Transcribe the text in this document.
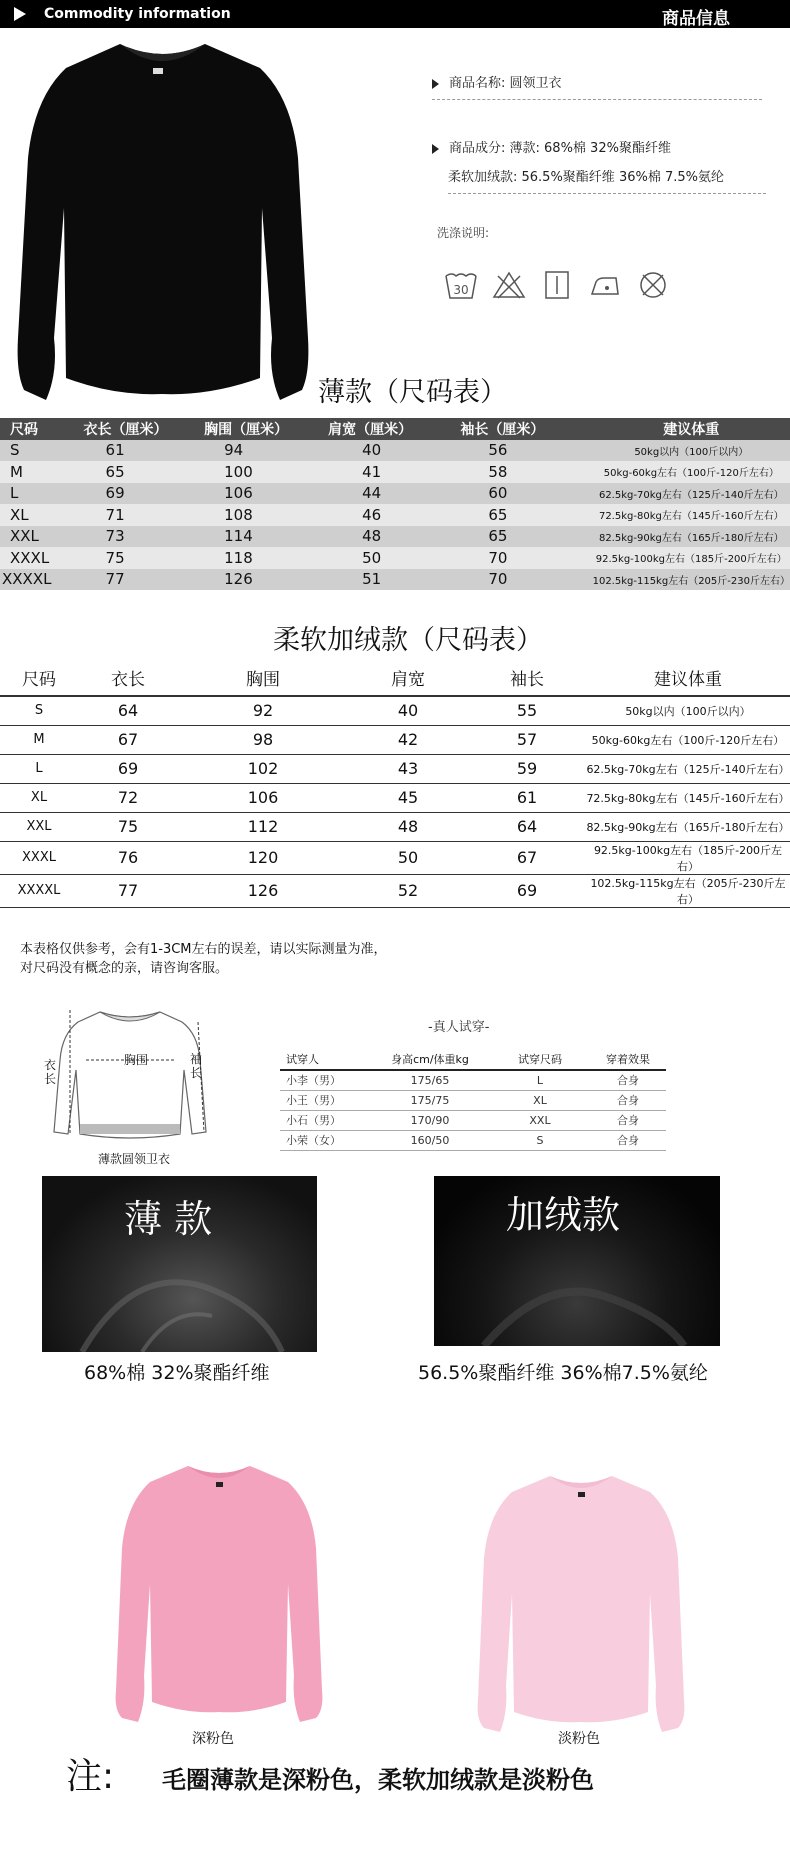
Commodity information	商品信息
商品名称: 圆领卫衣
商品成分: 薄款: 68%棉 32%聚酯纤维
柔软加绒款: 56.5%聚酯纤维 36%棉 7.5%氨纶
洗涤说明:
30
薄款（尺码表）
尺码	衣长（厘米）	胸围（厘米）	肩宽（厘米）	袖长（厘米）	建议体重
S	61	94	40	56	50kg以内（100斤以内）
M	65	100	41	58	50kg-60kg左右（100斤-120斤左右）
L	69	106	44	60	62.5kg-70kg左右（125斤-140斤左右）
XL	71	108	46	65	72.5kg-80kg左右（145斤-160斤左右）
XXL	73	114	48	65	82.5kg-90kg左右（165斤-180斤左右）
XXXL	75	118	50	70	92.5kg-100kg左右（185斤-200斤左右）
XXXXL	77	126	51	70	102.5kg-115kg左右（205斤-230斤左右）
柔软加绒款（尺码表）
尺码	衣长	胸围	肩宽	袖长	建议体重
S	64	92	40	55	50kg以内（100斤以内）
M	67	98	42	57	50kg-60kg左右（100斤-120斤左右）
L	69	102	43	59	62.5kg-70kg左右（125斤-140斤左右）
XL	72	106	45	61	72.5kg-80kg左右（145斤-160斤左右）
XXL	75	112	48	64	82.5kg-90kg左右（165斤-180斤左右）
XXXL	76	120	50	67	92.5kg-100kg左右（185斤-200斤左右）
XXXXL	77	126	52	69	102.5kg-115kg左右（205斤-230斤左右）
本表格仅供参考，会有1-3CM左右的误差，请以实际测量为准，
对尺码没有概念的亲，请咨询客服。
衣长
胸围	袖长
薄款圆领卫衣
-真人试穿-
试穿人	身高cm/体重kg	试穿尺码	穿着效果
小李（男）	175/65	L	合身
小王（男）	175/75	XL	合身
小石（男）	170/90	XXL	合身
小荣（女）	160/50	S	合身
薄 款
68%棉 32%聚酯纤维
加绒款
56.5%聚酯纤维 36%棉7.5%氨纶
深粉色	淡粉色
注: 毛圈薄款是深粉色，柔软加绒款是淡粉色
